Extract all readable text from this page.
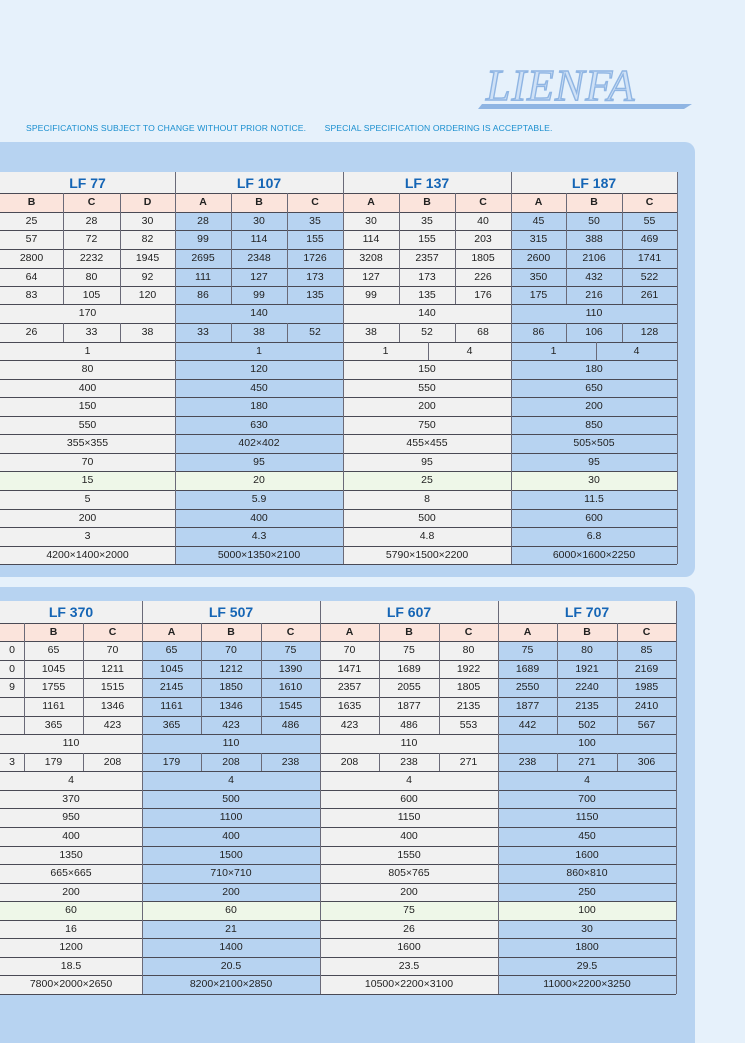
LIENFA
SPECIFICATIONS SUBJECT TO CHANGE WITHOUT PRIOR NOTICE. SPECIAL SPECIFICATION ORDERING IS ACCEPTABLE.
LF 77
B	C	D
25	28	30
57	72	82
2800	2232	1945
64	80	92
83	105	120
170
26	33	38
1
80
400
150
550
355×355
70
15
5
200
3
4200×1400×2000
LF 107
A	B	C
28	30	35
99	114	155
2695	2348	1726
111	127	173
86	99	135
140
33	38	52
1
120
450
180
630
402×402
95
20
5.9
400
4.3
5000×1350×2100
LF 137
A	B	C
30	35	40
114	155	203
3208	2357	1805
127	173	226
99	135	176
140
38	52	68
1	4
150
550
200
750
455×455
95
25
8
500
4.8
5790×1500×2200
LF 187
A	B	C
45	50	55
315	388	469
2600	2106	1741
350	432	522
175	216	261
110
86	106	128
1	4
180
650
200
850
505×505
95
30
11.5
600
6.8
6000×1600×2250
LF 370
B	C
0	65	70
0	1045	1211
9	1755	1515
1161	1346
365	423
110
3	179	208
4
370
950
400
1350
665×665
200
60
16
1200
18.5
7800×2000×2650
LF 507
A	B	C
65	70	75
1045	1212	1390
2145	1850	1610
1161	1346	1545
365	423	486
110
179	208	238
4
500
1100
400
1500
710×710
200
60
21
1400
20.5
8200×2100×2850
LF 607
A	B	C
70	75	80
1471	1689	1922
2357	2055	1805
1635	1877	2135
423	486	553
110
208	238	271
4
600
1150
400
1550
805×765
200
75
26
1600
23.5
10500×2200×3100
LF 707
A	B	C
75	80	85
1689	1921	2169
2550	2240	1985
1877	2135	2410
442	502	567
100
238	271	306
4
700
1150
450
1600
860×810
250
100
30
1800
29.5
11000×2200×3250
